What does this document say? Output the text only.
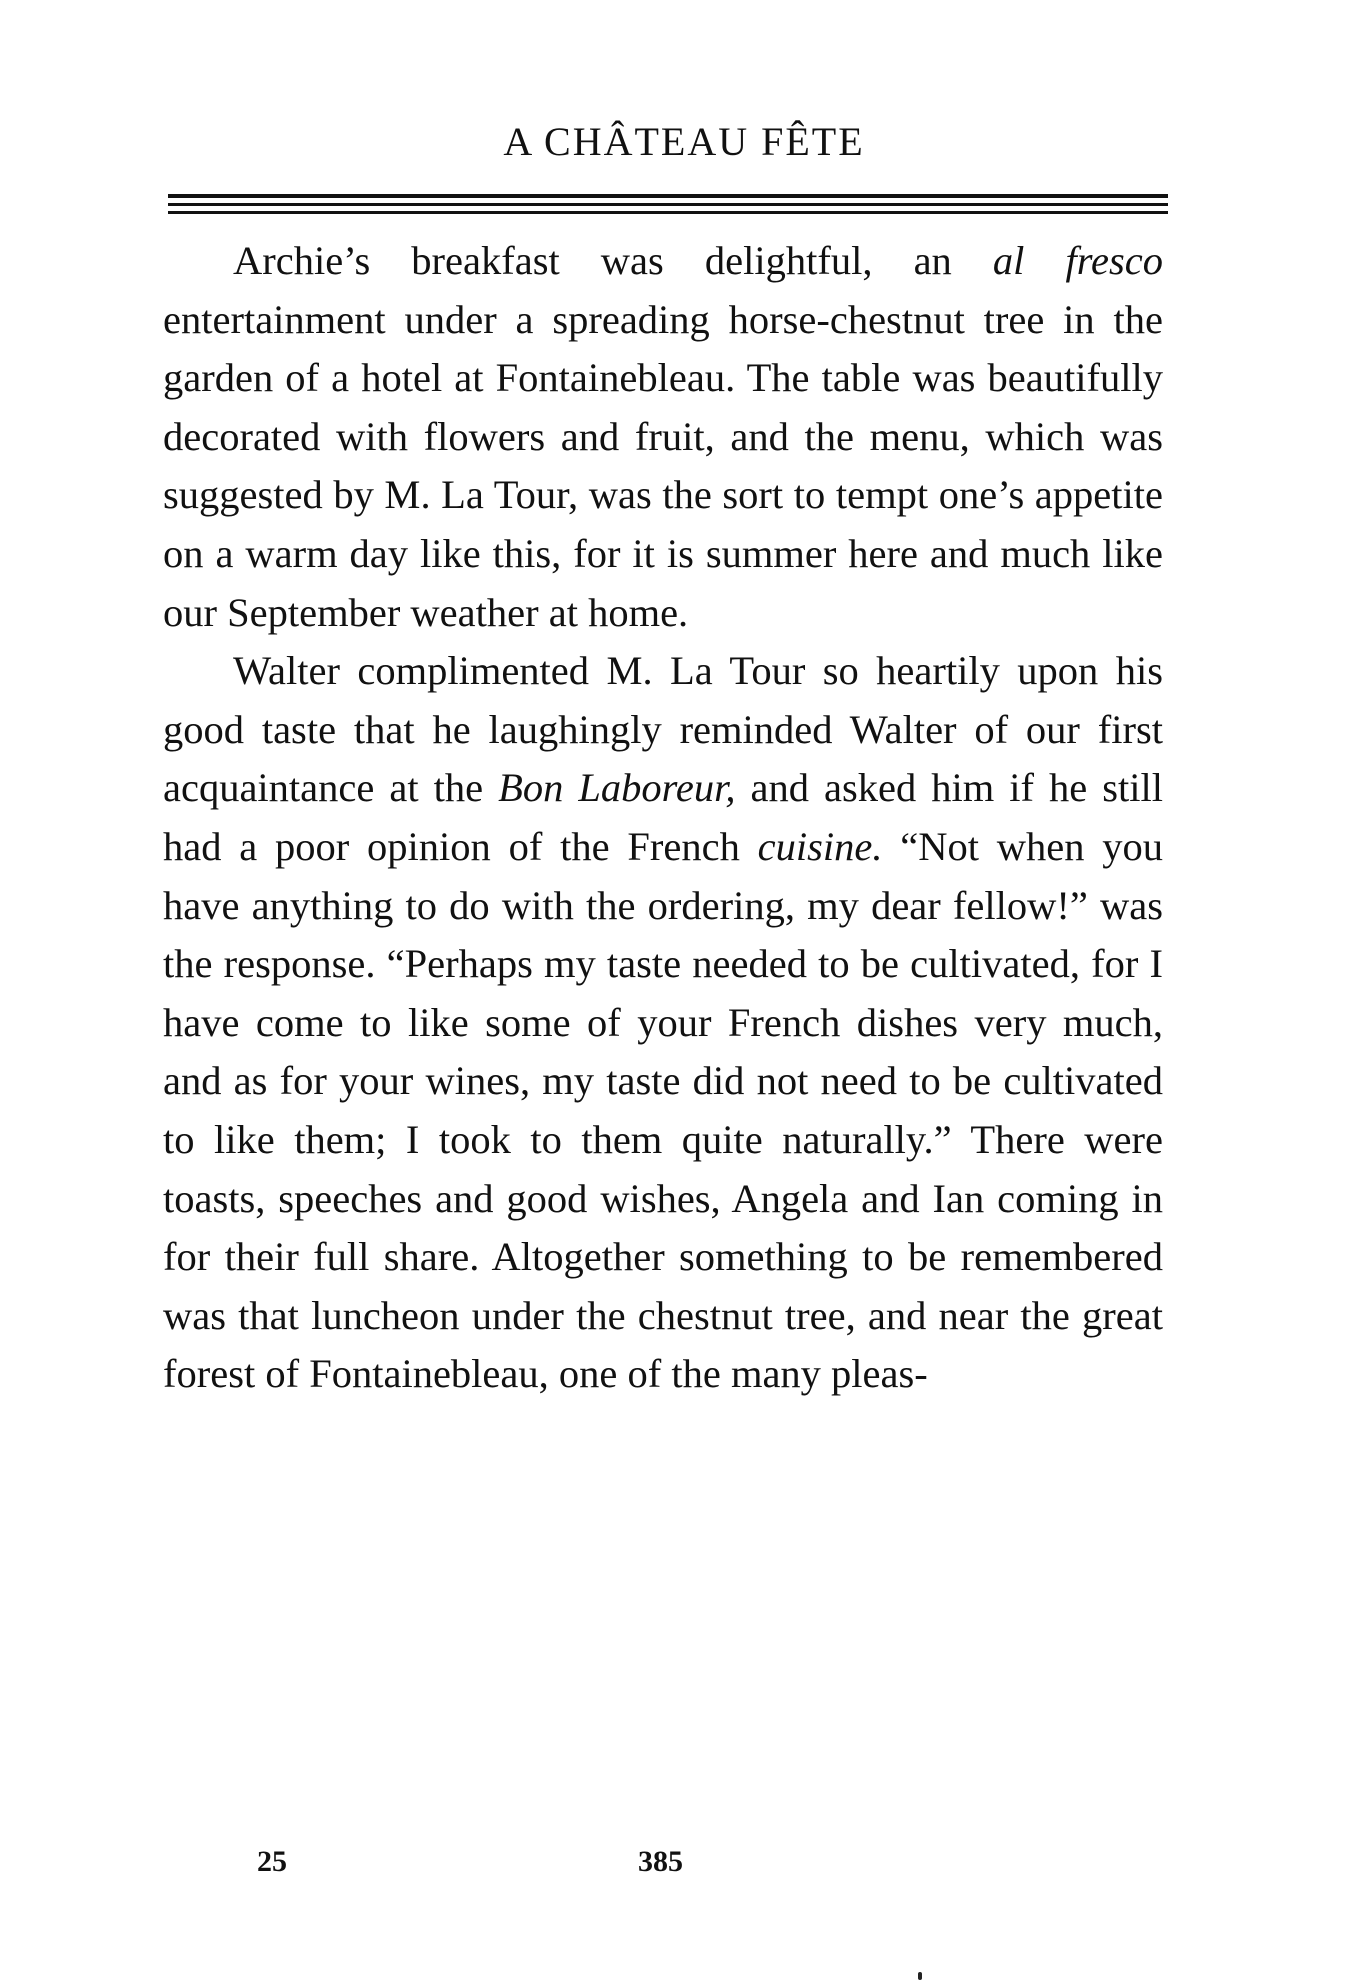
A CHÂTEAU FÊTE

Archie’s breakfast was delightful, an al fresco entertainment under a spreading horse-chestnut tree in the garden of a hotel at Fontainebleau. The table was beautifully decorated with flowers and fruit, and the menu, which was suggested by M. La Tour, was the sort to tempt one’s appetite on a warm day like this, for it is summer here and much like our September weather at home.

Walter complimented M. La Tour so heartily upon his good taste that he laughingly reminded Walter of our first acquaintance at the Bon Laboreur, and asked him if he still had a poor opinion of the French cuisine. “Not when you have anything to do with the ordering, my dear fellow!” was the response. “Perhaps my taste needed to be cultivated, for I have come to like some of your French dishes very much, and as for your wines, my taste did not need to be cultivated to like them; I took to them quite naturally.” There were toasts, speeches and good wishes, Angela and Ian coming in for their full share. Altogether something to be remembered was that luncheon under the chestnut tree, and near the great forest of Fontainebleau, one of the many pleas-

25	385
